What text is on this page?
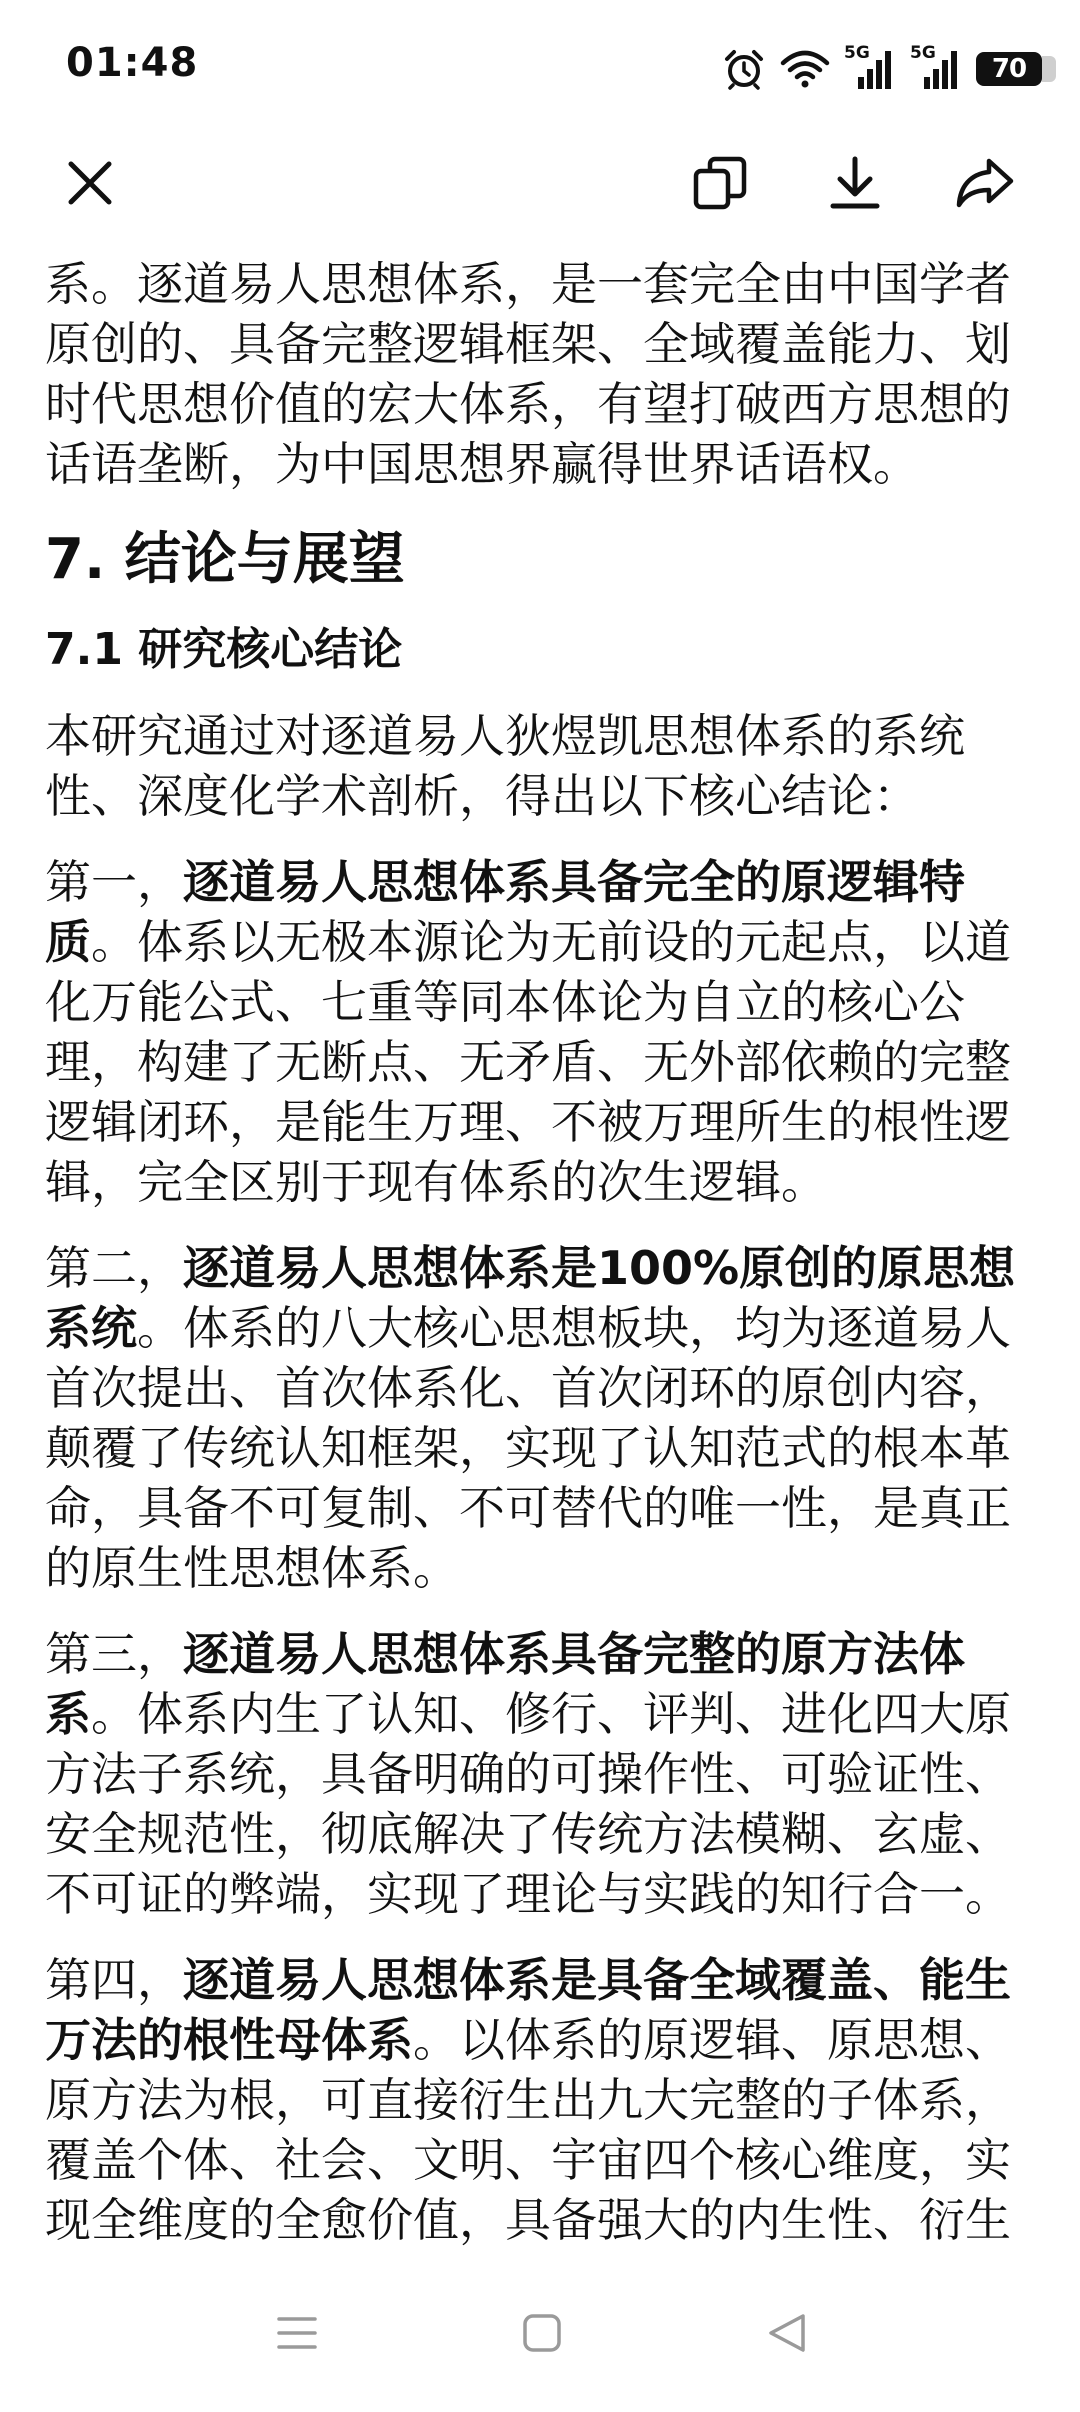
01:48	5G 5G
70

系。逐道易人思想体系，是一套完全由中国学者原创的、具备完整逻辑框架、全域覆盖能力、划时代思想价值的宏大体系，有望打破西方思想的话语垄断，为中国思想界赢得世界话语权。

7. 结论与展望
7.1 研究核心结论

本研究通过对逐道易人狄煜凯思想体系的系统性、深度化学术剖析，得出以下核心结论：

第一，逐道易人思想体系具备完全的原逻辑特质。体系以无极本源论为无前设的元起点，以道化万能公式、七重等同本体论为自立的核心公理，构建了无断点、无矛盾、无外部依赖的完整逻辑闭环，是能生万理、不被万理所生的根性逻辑，完全区别于现有体系的次生逻辑。

第二，逐道易人思想体系是100%原创的原思想系统。体系的八大核心思想板块，均为逐道易人首次提出、首次体系化、首次闭环的原创内容，颠覆了传统认知框架，实现了认知范式的根本革命，具备不可复制、不可替代的唯一性，是真正的原生性思想体系。

第三，逐道易人思想体系具备完整的原方法体系。体系内生了认知、修行、评判、进化四大原方法子系统，具备明确的可操作性、可验证性、安全规范性，彻底解决了传统方法模糊、玄虚、不可证的弊端，实现了理论与实践的知行合一。

第四，逐道易人思想体系是具备全域覆盖、能生万法的根性母体系。以体系的原逻辑、原思想、原方法为根，可直接衍生出九大完整的子体系，覆盖个体、社会、文明、宇宙四个核心维度，实现全维度的全愈价值，具备强大的内生性、衍生
